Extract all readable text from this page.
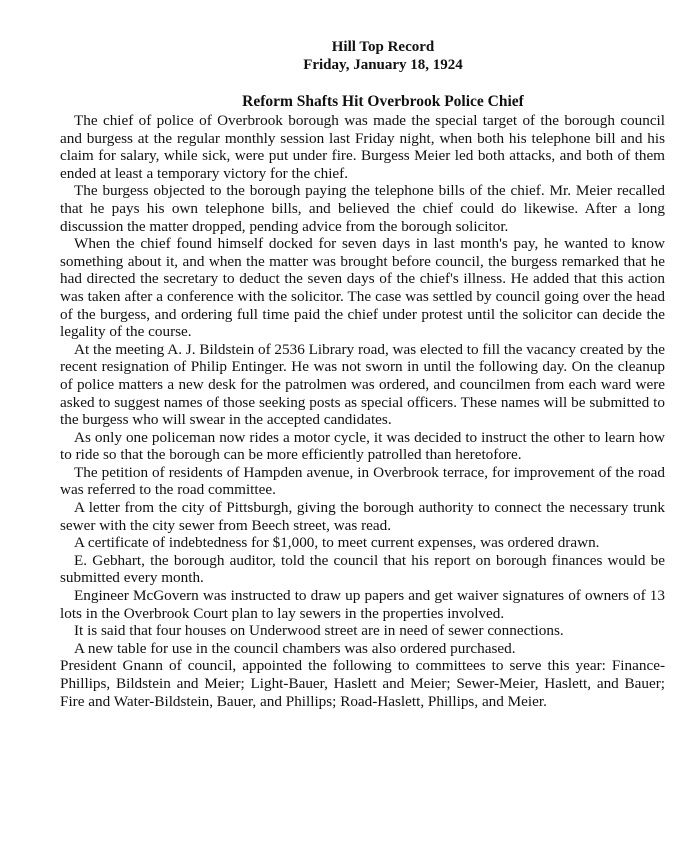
Hill Top Record
Friday, January 18, 1924
Reform Shafts Hit Overbrook Police Chief

The chief of police of Overbrook borough was made the special target of the borough council and burgess at the regular monthly session last Friday night, when both his telephone bill and his claim for salary, while sick, were put under fire. Burgess Meier led both attacks, and both of them ended at least a temporary victory for the chief.

The burgess objected to the borough paying the telephone bills of the chief. Mr. Meier recalled that he pays his own telephone bills, and believed the chief could do likewise. After a long discussion the matter dropped, pending advice from the borough solicitor.

When the chief found himself docked for seven days in last month's pay, he wanted to know something about it, and when the matter was brought before council, the burgess remarked that he had directed the secretary to deduct the seven days of the chief's illness. He added that this action was taken after a conference with the solicitor. The case was settled by council going over the head of the burgess, and ordering full time paid the chief under protest until the solicitor can decide the legality of the course.

At the meeting A. J. Bildstein of 2536 Library road, was elected to fill the vacancy created by the recent resignation of Philip Entinger. He was not sworn in until the following day. On the cleanup of police matters a new desk for the patrolmen was ordered, and councilmen from each ward were asked to suggest names of those seeking posts as special officers. These names will be submitted to the burgess who will swear in the accepted candidates.

As only one policeman now rides a motor cycle, it was decided to instruct the other to learn how to ride so that the borough can be more efficiently patrolled than heretofore.

The petition of residents of Hampden avenue, in Overbrook terrace, for improvement of the road was referred to the road committee.

A letter from the city of Pittsburgh, giving the borough authority to connect the necessary trunk sewer with the city sewer from Beech street, was read.

A certificate of indebtedness for $1,000, to meet current expenses, was ordered drawn.

E. Gebhart, the borough auditor, told the council that his report on borough finances would be submitted every month.

Engineer McGovern was instructed to draw up papers and get waiver signatures of owners of 13 lots in the Overbrook Court plan to lay sewers in the properties involved.

It is said that four houses on Underwood street are in need of sewer connections.

A new table for use in the council chambers was also ordered purchased.

President Gnann of council, appointed the following to committees to serve this year: Finance-Phillips, Bildstein and Meier; Light-Bauer, Haslett and Meier; Sewer-Meier, Haslett, and Bauer; Fire and Water-Bildstein, Bauer, and Phillips; Road-Haslett, Phillips, and Meier.
